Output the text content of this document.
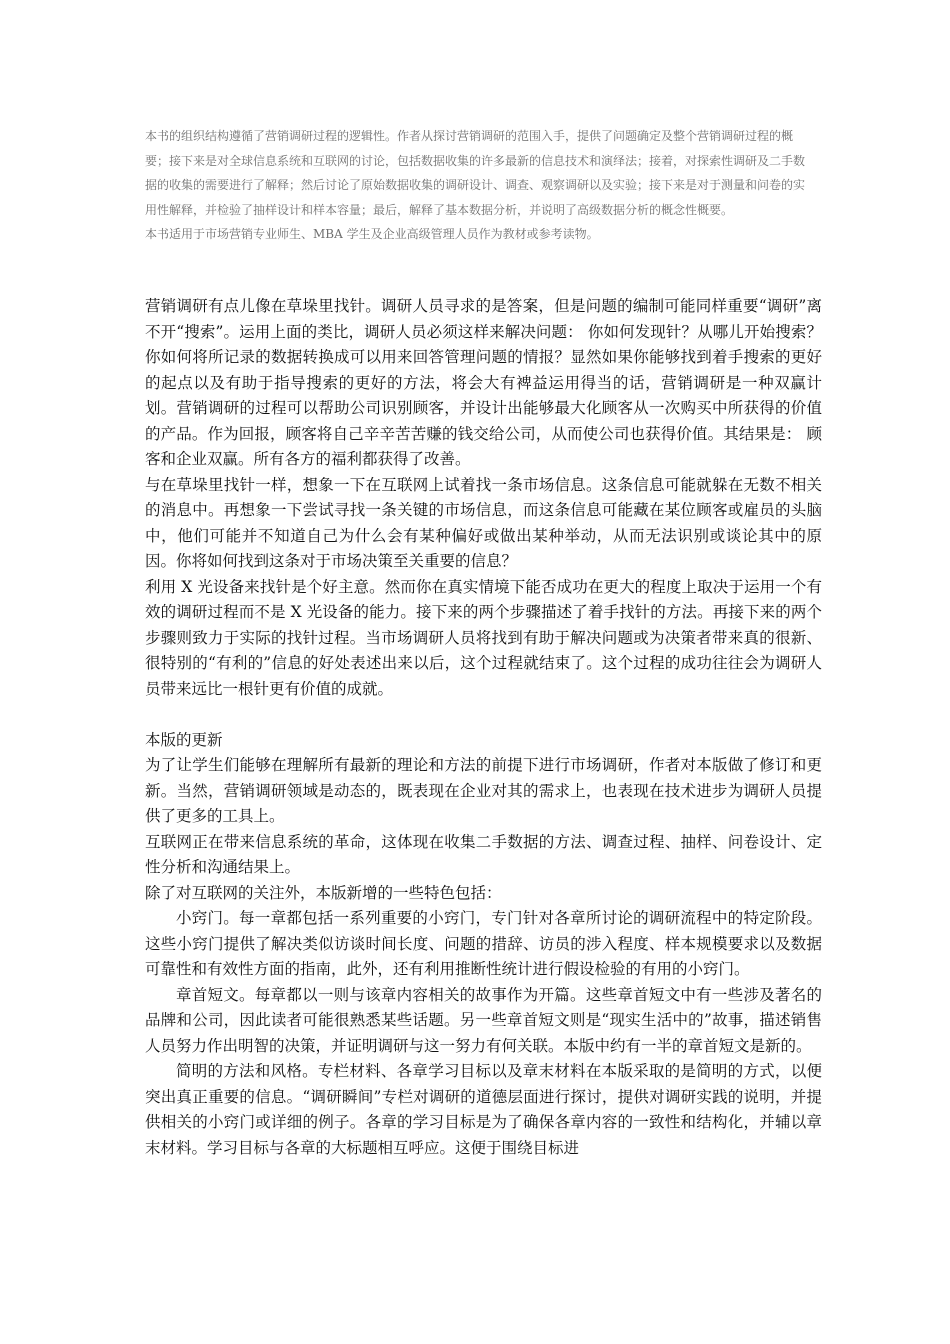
本书的组织结构遵循了营销调研过程的逻辑性。作者从探讨营销调研的范围入手，提供了问题确定及整个营销调研过程的概要；接下来是对全球信息系统和互联网的讨论，包括数据收集的许多最新的信息技术和演绎法；接着，对探索性调研及二手数据的收集的需要进行了解释；然后讨论了原始数据收集的调研设计、调查、观察调研以及实验；接下来是对于测量和问卷的实用性解释，并检验了抽样设计和样本容量；最后，解释了基本数据分析，并说明了高级数据分析的概念性概要。

本书适用于市场营销专业师生、MBA 学生及企业高级管理人员作为教材或参考读物。

营销调研有点儿像在草垛里找针。调研人员寻求的是答案，但是问题的编制可能同样重要“调研”离不开“搜索”。运用上面的类比，调研人员必须这样来解决问题： 你如何发现针？从哪儿开始搜索？你如何将所记录的数据转换成可以用来回答管理问题的情报？显然如果你能够找到着手搜索的更好的起点以及有助于指导搜索的更好的方法，将会大有裨益运用得当的话，营销调研是一种双赢计划。营销调研的过程可以帮助公司识别顾客，并设计出能够最大化顾客从一次购买中所获得的价值的产品。作为回报，顾客将自己辛辛苦苦赚的钱交给公司，从而使公司也获得价值。其结果是： 顾客和企业双赢。所有各方的福利都获得了改善。

与在草垛里找针一样，想象一下在互联网上试着找一条市场信息。这条信息可能就躲在无数不相关的消息中。再想象一下尝试寻找一条关键的市场信息，而这条信息可能藏在某位顾客或雇员的头脑中，他们可能并不知道自己为什么会有某种偏好或做出某种举动，从而无法识别或谈论其中的原因。你将如何找到这条对于市场决策至关重要的信息？

利用 X 光设备来找针是个好主意。然而你在真实情境下能否成功在更大的程度上取决于运用一个有效的调研过程而不是 X 光设备的能力。接下来的两个步骤描述了着手找针的方法。再接下来的两个步骤则致力于实际的找针过程。当市场调研人员将找到有助于解决问题或为决策者带来真的很新、很特别的“有利的”信息的好处表述出来以后，这个过程就结束了。这个过程的成功往往会为调研人员带来远比一根针更有价值的成就。

本版的更新

为了让学生们能够在理解所有最新的理论和方法的前提下进行市场调研，作者对本版做了修订和更新。当然，营销调研领域是动态的，既表现在企业对其的需求上，也表现在技术进步为调研人员提供了更多的工具上。

互联网正在带来信息系统的革命，这体现在收集二手数据的方法、调查过程、抽样、问卷设计、定性分析和沟通结果上。

除了对互联网的关注外，本版新增的一些特色包括：

小窍门。每一章都包括一系列重要的小窍门，专门针对各章所讨论的调研流程中的特定阶段。这些小窍门提供了解决类似访谈时间长度、问题的措辞、访员的涉入程度、样本规模要求以及数据可靠性和有效性方面的指南，此外，还有利用推断性统计进行假设检验的有用的小窍门。

章首短文。每章都以一则与该章内容相关的故事作为开篇。这些章首短文中有一些涉及著名的品牌和公司，因此读者可能很熟悉某些话题。另一些章首短文则是“现实生活中的”故事，描述销售人员努力作出明智的决策，并证明调研与这一努力有何关联。本版中约有一半的章首短文是新的。

简明的方法和风格。专栏材料、各章学习目标以及章末材料在本版采取的是简明的方式，以便突出真正重要的信息。“调研瞬间”专栏对调研的道德层面进行探讨，提供对调研实践的说明，并提供相关的小窍门或详细的例子。各章的学习目标是为了确保各章内容的一致性和结构化，并辅以章末材料。学习目标与各章的大标题相互呼应。这便于围绕目标进
